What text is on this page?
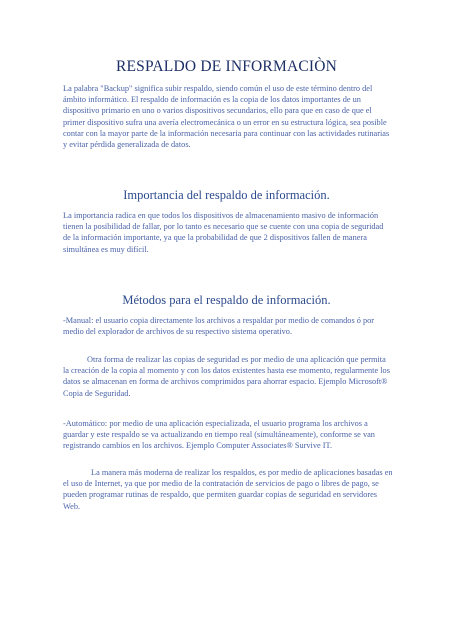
RESPALDO DE INFORMACIÒN

La palabra "Backup" significa subir respaldo, siendo común el uso de este término dentro del ámbito informático. El respaldo de información es la copia de los datos importantes de un dispositivo primario en uno o varios dispositivos secundarios, ello para que en caso de que el primer dispositivo sufra una avería electromecánica o un error en su estructura lógica, sea posible contar con la mayor parte de la información necesaria para continuar con las actividades rutinarias y evitar pérdida generalizada de datos.

Importancia del respaldo de información.

La importancia radica en que todos los dispositivos de almacenamiento masivo de información tienen la posibilidad de fallar, por lo tanto es necesario que se cuente con una copia de seguridad de la información importante, ya que la probabilidad de que 2 dispositivos fallen de manera simultánea es muy difícil.

Métodos para el respaldo de información.

-Manual: el usuario copia directamente los archivos a respaldar por medio de comandos ó por medio del explorador de archivos de su respectivo sistema operativo.

Otra forma de realizar las copias de seguridad es por medio de una aplicación que permita la creación de la copia al momento y con los datos existentes hasta ese momento, regularmente los datos se almacenan en forma de archivos comprimidos para ahorrar espacio. Ejemplo Microsoft® Copia de Seguridad.

-Automático: por medio de una aplicación especializada, el usuario programa los archivos a guardar y este respaldo se va actualizando en tiempo real (simultáneamente), conforme se van registrando cambios en los archivos. Ejemplo Computer Associates® Survive IT.

La manera más moderna de realizar los respaldos, es por medio de aplicaciones basadas en el uso de Internet, ya que por medio de la contratación de servicios de pago o libres de pago, se pueden programar rutinas de respaldo, que permiten guardar copias de seguridad en servidores Web.
